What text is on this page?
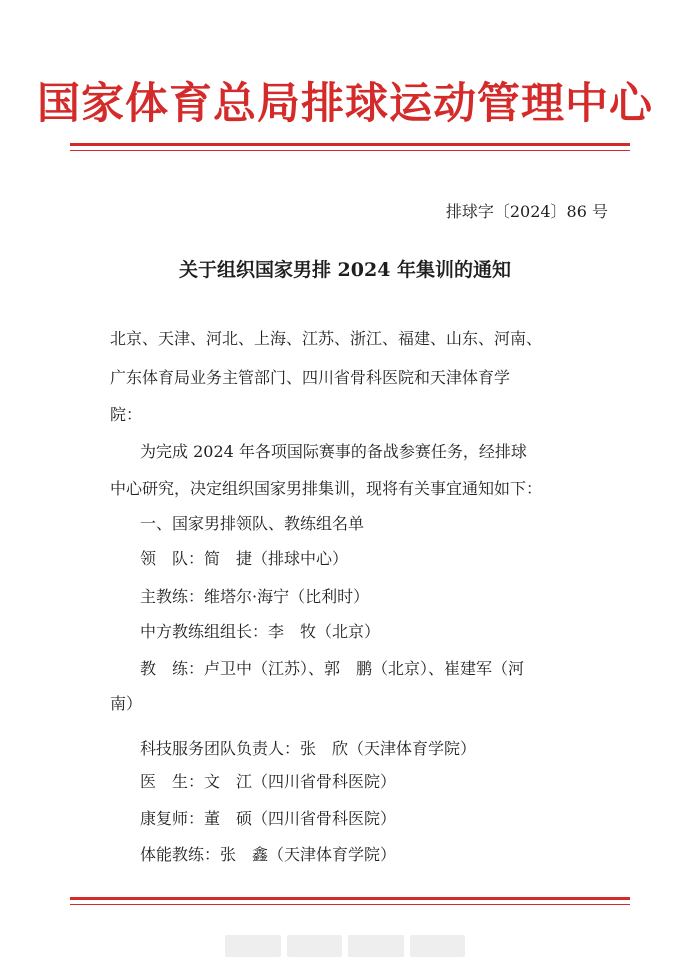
国家体育总局排球运动管理中心
排球字〔2024〕86 号
关于组织国家男排 2024 年集训的通知
北京、天津、河北、上海、江苏、浙江、福建、山东、河南、
广东体育局业务主管部门、四川省骨科医院和天津体育学
院：
为完成 2024 年各项国际赛事的备战参赛任务，经排球
中心研究，决定组织国家男排集训，现将有关事宜通知如下：
一、国家男排领队、教练组名单
领　队：简　捷（排球中心）
主教练：维塔尔·海宁（比利时）
中方教练组组长：李　牧（北京）
教　练：卢卫中（江苏）、郭　鹏（北京）、崔建军（河
南）
科技服务团队负责人：张　欣（天津体育学院）
医　生：文　江（四川省骨科医院）
康复师：董　硕（四川省骨科医院）
体能教练：张　鑫（天津体育学院）
